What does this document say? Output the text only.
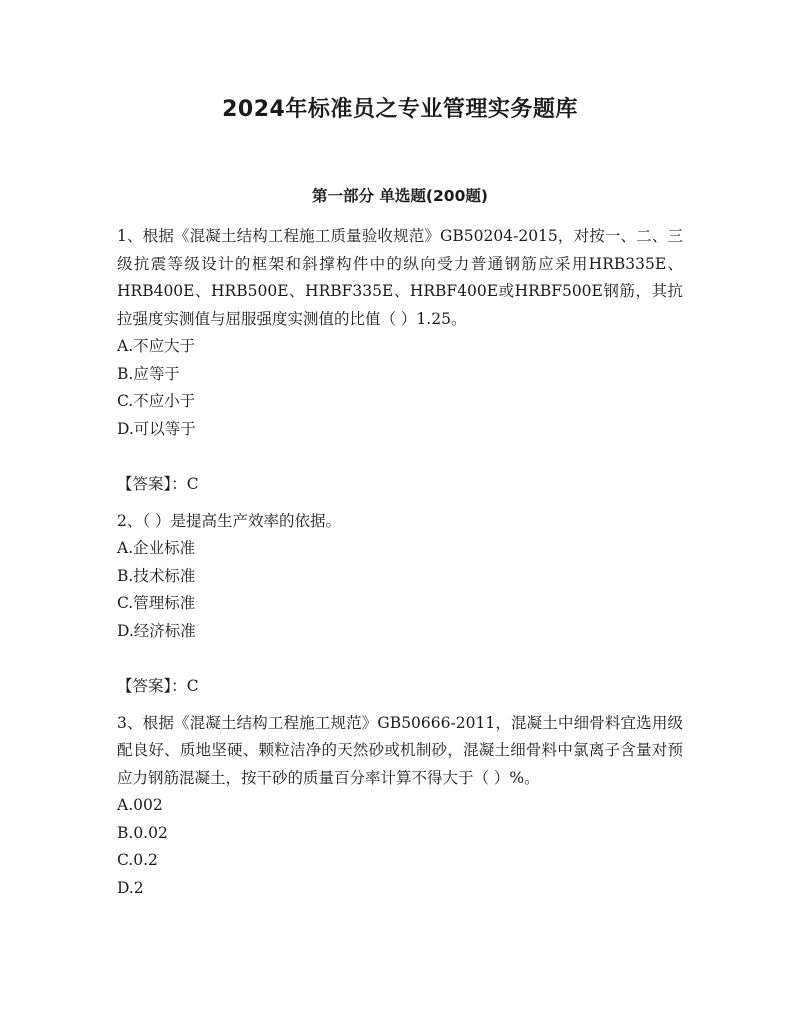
2024年标准员之专业管理实务题库
第一部分 单选题(200题)

1、根据《混凝土结构工程施工质量验收规范》GB50204-2015，对按一、二、三级抗震等级设计的框架和斜撑构件中的纵向受力普通钢筋应采用HRB335E、HRB400E、HRB500E、HRBF335E、HRBF400E或HRBF500E钢筋，其抗拉强度实测值与屈服强度实测值的比值（ ）1.25。

A.不应大于

B.应等于

C.不应小于

D.可以等于

【答案】：C

2、（ ）是提高生产效率的依据。

A.企业标准

B.技术标准

C.管理标准

D.经济标准

【答案】：C

3、根据《混凝土结构工程施工规范》GB50666-2011，混凝土中细骨料宜选用级配良好、质地坚硬、颗粒洁净的天然砂或机制砂，混凝土细骨料中氯离子含量对预应力钢筋混凝土，按干砂的质量百分率计算不得大于（ ）%。

A.002

B.0.02

C.0.2

D.2
